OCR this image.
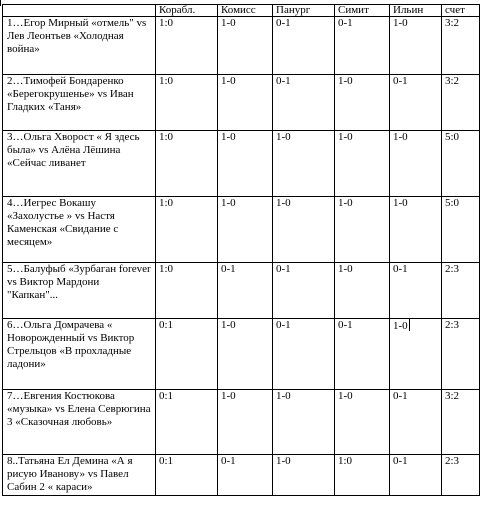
	Корабл.	Комисс	Панург	Симит	Ильин	счет
1…Егор Мирный «отмель" vs Лев Леонтьев «Холодная война»	1:0	1-0	0-1	0-1	1-0	3:2
2…Тимофей Бондаренко «Берегокрушенье» vs Иван Гладких «Таня»	1:0	1-0	0-1	1-0	0-1	3:2
3…Ольга Хворост « Я здесь была» vs Алёна Лёшина «Сейчас ливанет	1:0	1-0	1-0	1-0	1-0	5:0
4…Иегрес Вокашу «Захолустье » vs Настя Каменская «Свидание с месяцем»	1:0	1-0	1-0	1-0	1-0	5:0
5…Балуфыб «Зурбаган forever vs Виктор Мардони "Капкан"...	1:0	0-1	0-1	1-0	0-1	2:3
6…Ольга Домрачева « Новорожденный vs Виктор Стрельцов «В прохладные ладони»	0:1	1-0	0-1	0-1	1-0	2:3
7…Евгения Костюкова «музыка» vs Елена Севрюгина 3 «Сказочная любовь»	0:1	1-0	1-0	1-0	0-1	3:2
8..Татьяна Ел Демина «А я рисую Иванову» vs Павел Сабин 2 « караси»	0:1	0-1	1-0	1:0	0-1	2:3
